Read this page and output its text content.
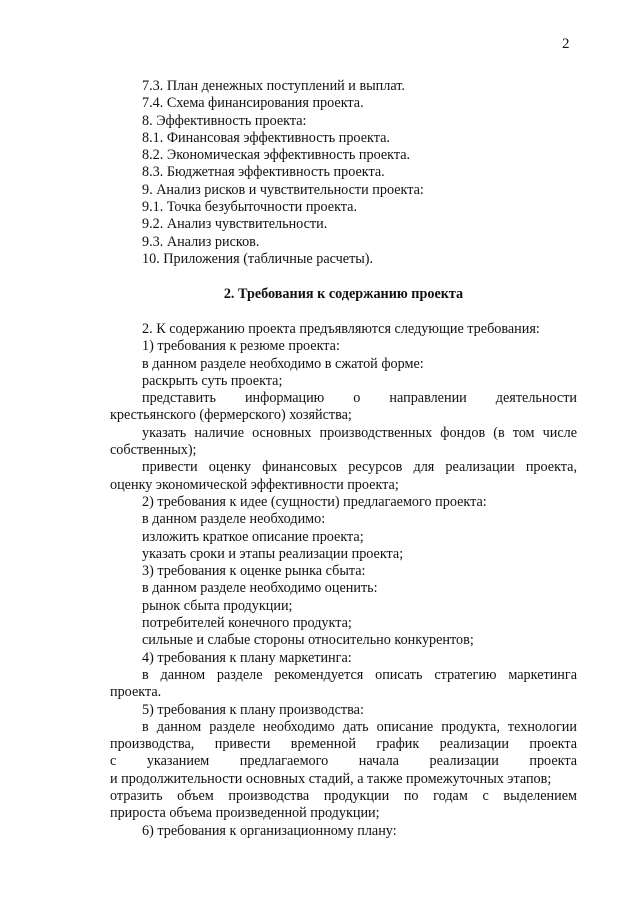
2
7.3. План денежных поступлений и выплат.
7.4. Схема финансирования проекта.
8. Эффективность проекта:
8.1. Финансовая эффективность проекта.
8.2. Экономическая эффективность проекта.
8.3. Бюджетная эффективность проекта.
9. Анализ рисков и чувствительности проекта:
9.1. Точка безубыточности проекта.
9.2. Анализ чувствительности.
9.3. Анализ рисков.
10. Приложения (табличные расчеты).
2. Требования к содержанию проекта
2. К содержанию проекта предъявляются следующие требования:
1) требования к резюме проекта:
в данном разделе необходимо в сжатой форме:
раскрыть суть проекта;
представить информацию о направлении деятельности
крестьянского (фермерского) хозяйства;
указать наличие основных производственных фондов (в том числе
собственных);
привести оценку финансовых ресурсов для реализации проекта,
оценку экономической эффективности проекта;
2) требования к идее (сущности) предлагаемого проекта:
в данном разделе необходимо:
изложить краткое описание проекта;
указать сроки и этапы реализации проекта;
3) требования к оценке рынка сбыта:
в данном разделе необходимо оценить:
рынок сбыта продукции;
потребителей конечного продукта;
сильные и слабые стороны относительно конкурентов;
4) требования к плану маркетинга:
в данном разделе рекомендуется описать стратегию маркетинга
проекта.
5) требования к плану производства:
в данном разделе необходимо дать описание продукта, технологии
производства, привести временной график реализации проекта
с указанием предлагаемого начала реализации проекта
и продолжительности основных стадий, а также промежуточных этапов;
отразить объем производства продукции по годам с выделением
прироста объема произведенной продукции;
6) требования к организационному плану:
